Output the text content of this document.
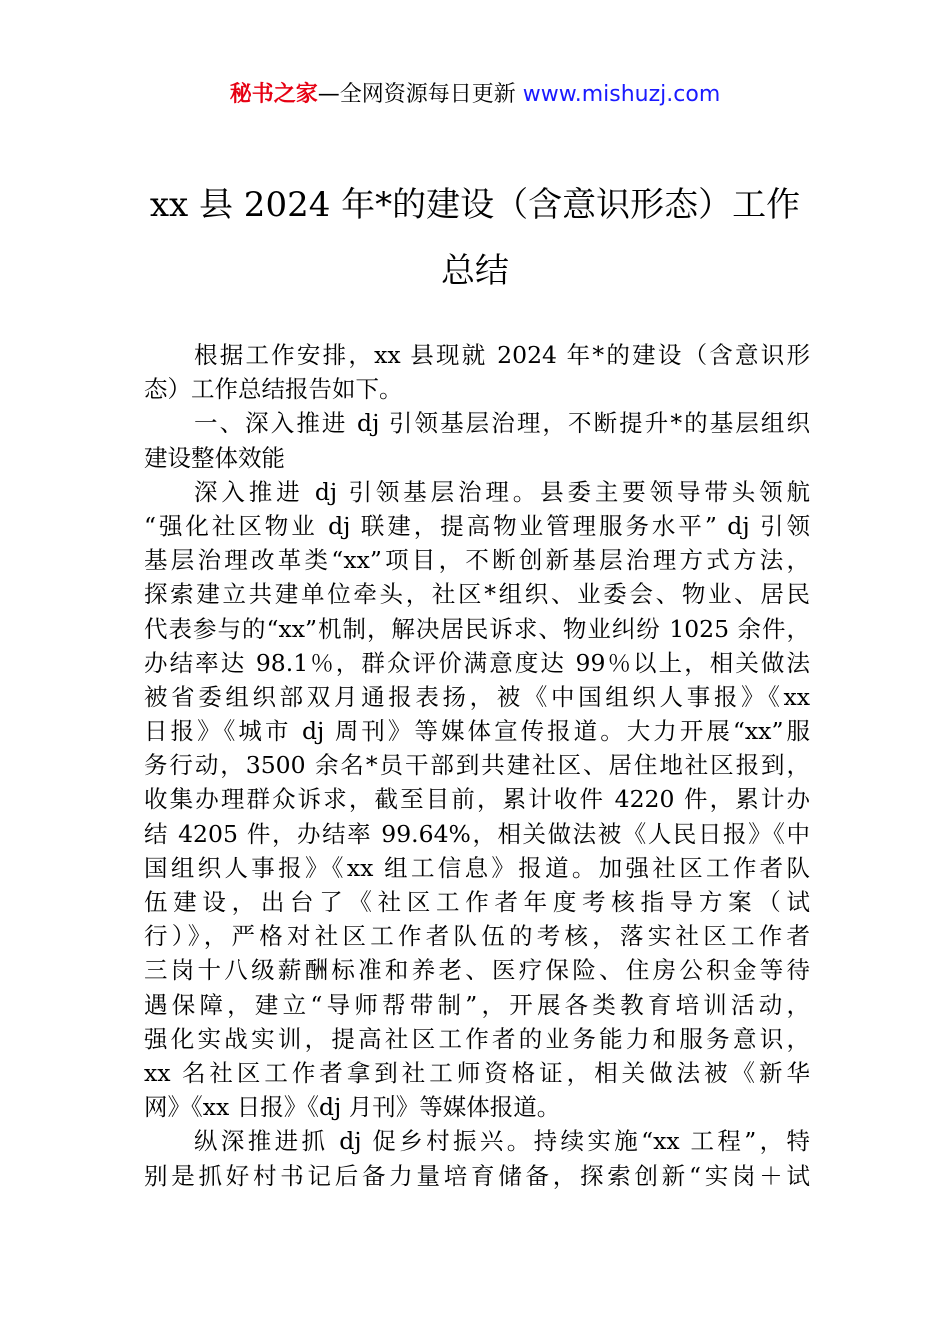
秘书之家—全网资源每日更新 www.mishuzj.com
xx 县 2024 年*的建设（含意识形态）工作
总结
根据工作安排，xx 县现就 2024 年*的建设（含意识形
态）工作总结报告如下。
一、深入推进 dj 引领基层治理，不断提升*的基层组织
建设整体效能
深入推进 dj 引领基层治理。县委主要领导带头领航
“强化社区物业 dj 联建，提高物业管理服务水平” dj 引领
基层治理改革类“xx”项目，不断创新基层治理方式方法，
探索建立共建单位牵头，社区*组织、业委会、物业、居民
代表参与的“xx”机制，解决居民诉求、物业纠纷 1025 余件，
办结率达 98.1％，群众评价满意度达 99％以上，相关做法
被省委组织部双月通报表扬，被《中国组织人事报》《xx
日报》《城市 dj 周刊》等媒体宣传报道。大力开展“xx”服
务行动，3500 余名*员干部到共建社区、居住地社区报到，
收集办理群众诉求，截至目前，累计收件 4220 件，累计办
结 4205 件，办结率 99.64%，相关做法被《人民日报》《中
国组织人事报》《xx 组工信息》报道。加强社区工作者队
伍建设，出台了《社区工作者年度考核指导方案（试
行）》，严格对社区工作者队伍的考核，落实社区工作者
三岗十八级薪酬标准和养老、医疗保险、住房公积金等待
遇保障，建立“导师帮带制”，开展各类教育培训活动，
强化实战实训，提高社区工作者的业务能力和服务意识，
xx 名社区工作者拿到社工师资格证，相关做法被《新华
网》《xx 日报》《dj 月刊》等媒体报道。
纵深推进抓 dj 促乡村振兴。持续实施“xx 工程”，特
别是抓好村书记后备力量培育储备，探索创新“实岗＋试
